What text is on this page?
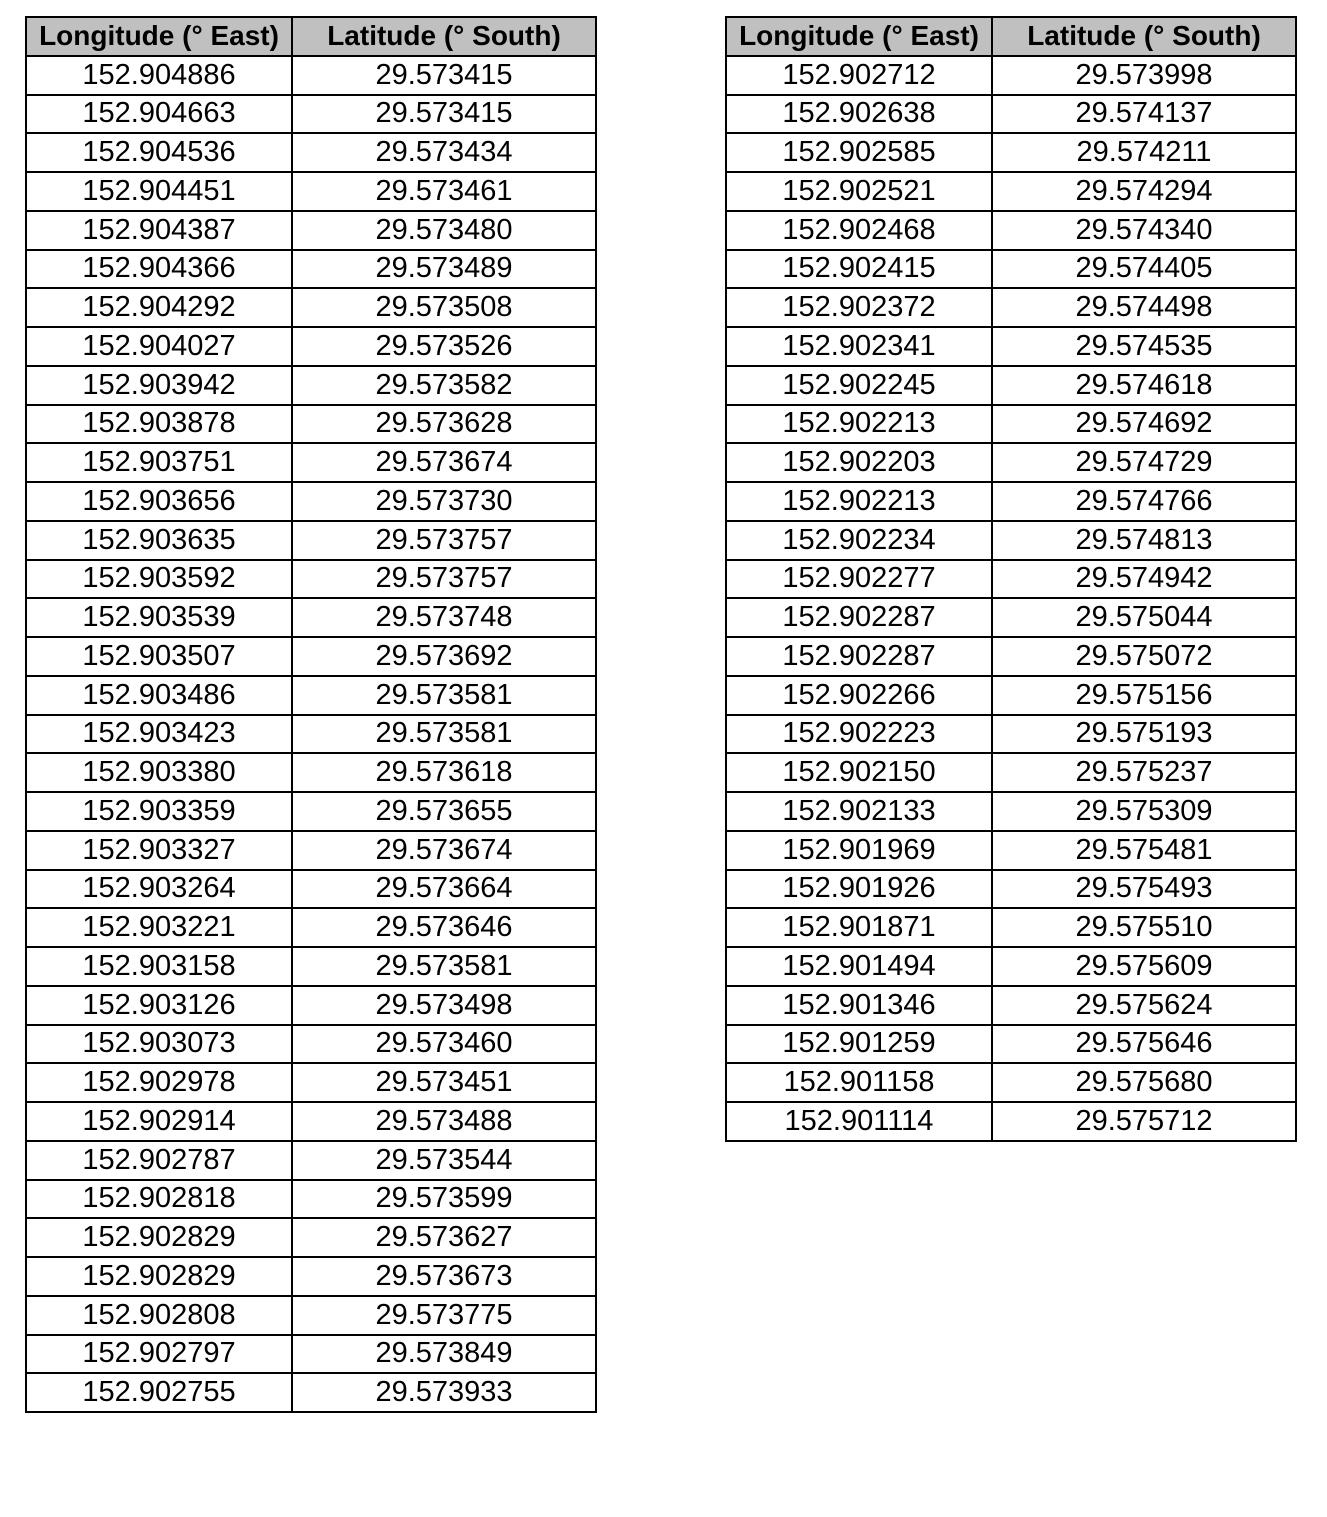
Longitude (° East)	Latitude (° South)
152.904886	29.573415
152.904663	29.573415
152.904536	29.573434
152.904451	29.573461
152.904387	29.573480
152.904366	29.573489
152.904292	29.573508
152.904027	29.573526
152.903942	29.573582
152.903878	29.573628
152.903751	29.573674
152.903656	29.573730
152.903635	29.573757
152.903592	29.573757
152.903539	29.573748
152.903507	29.573692
152.903486	29.573581
152.903423	29.573581
152.903380	29.573618
152.903359	29.573655
152.903327	29.573674
152.903264	29.573664
152.903221	29.573646
152.903158	29.573581
152.903126	29.573498
152.903073	29.573460
152.902978	29.573451
152.902914	29.573488
152.902787	29.573544
152.902818	29.573599
152.902829	29.573627
152.902829	29.573673
152.902808	29.573775
152.902797	29.573849
152.902755	29.573933
Longitude (° East)	Latitude (° South)
152.902712	29.573998
152.902638	29.574137
152.902585	29.574211
152.902521	29.574294
152.902468	29.574340
152.902415	29.574405
152.902372	29.574498
152.902341	29.574535
152.902245	29.574618
152.902213	29.574692
152.902203	29.574729
152.902213	29.574766
152.902234	29.574813
152.902277	29.574942
152.902287	29.575044
152.902287	29.575072
152.902266	29.575156
152.902223	29.575193
152.902150	29.575237
152.902133	29.575309
152.901969	29.575481
152.901926	29.575493
152.901871	29.575510
152.901494	29.575609
152.901346	29.575624
152.901259	29.575646
152.901158	29.575680
152.901114	29.575712
